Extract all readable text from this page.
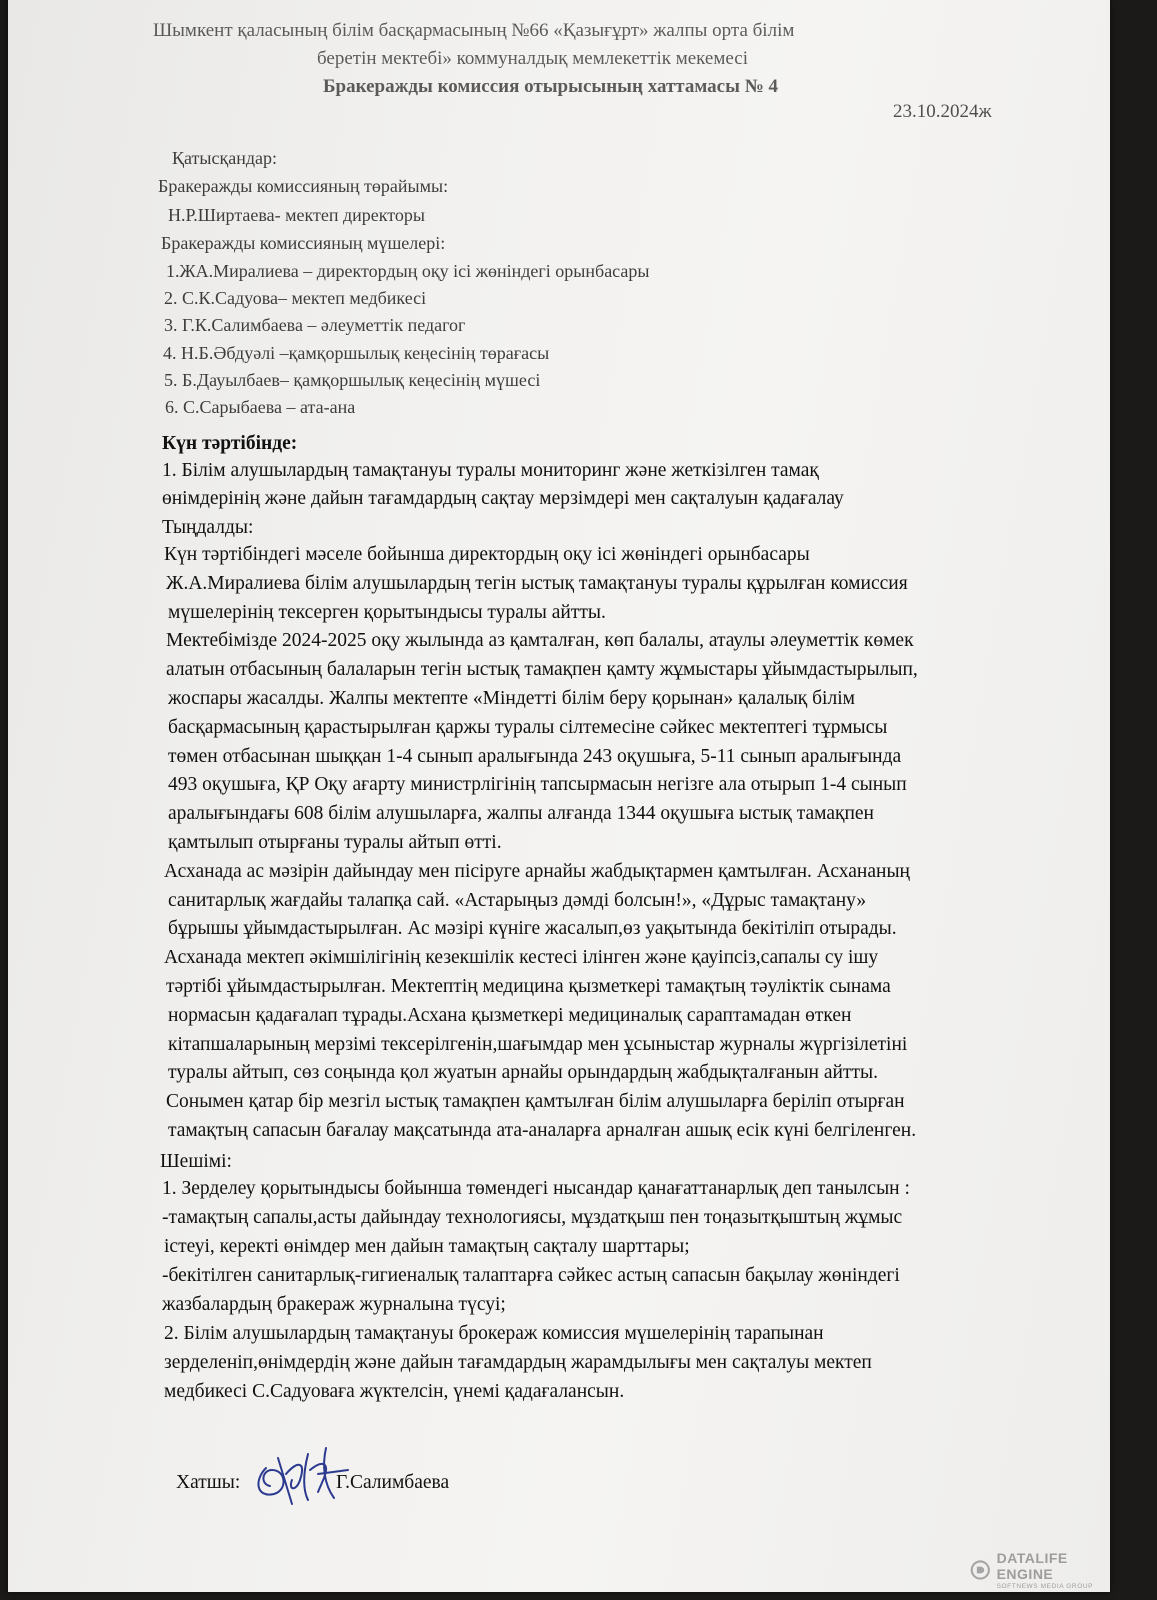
Шымкент қаласының білім басқармасының №66 «Қазығұрт» жалпы орта білім
беретін мектебі» коммуналдық мемлекеттік мекемесі
Бракеражды комиссия отырысының хаттамасы № 4
23.10.2024ж
Қатысқандар:
Бракеражды комиссияның төрайымы:
Н.Р.Ширтаева- мектеп директоры
Бракеражды комиссияның мүшелері:
1.ЖА.Миралиева – директордың оқу ісі жөніндегі орынбасары
2. С.К.Садуова– мектеп медбикесі
3. Г.К.Салимбаева – әлеуметтік педагог
4. Н.Б.Әбдуәлі –қамқоршылық кеңесінің төрағасы
5. Б.Дауылбаев– қамқоршылық кеңесінің мүшесі
6. С.Сарыбаева – ата-ана
Күн тәртібінде:
1. Білім алушылардың тамақтануы туралы мониторинг және жеткізілген тамақ
өнімдерінің және дайын тағамдардың сақтау мерзімдері мен сақталуын қадағалау
Тыңдалды:
Күн тәртібіндегі мәселе бойынша директордың оқу ісі жөніндегі орынбасары
Ж.А.Миралиева білім алушылардың тегін ыстық тамақтануы туралы құрылған комиссия
мүшелерінің тексерген қорытындысы туралы айтты.
Мектебімізде 2024-2025 оқу жылында аз қамталған, көп балалы, атаулы әлеуметтік көмек
алатын отбасының балаларын тегін ыстық тамақпен қамту жұмыстары ұйымдастырылып,
жоспары жасалды. Жалпы мектепте «Міндетті білім беру қорынан» қалалық білім
басқармасының қарастырылған қаржы туралы сілтемесіне сәйкес мектептегі тұрмысы
төмен отбасынан шыққан 1-4 сынып аралығында 243 оқушыға, 5-11 сынып аралығында
493 оқушыға, ҚР Оқу ағарту министрлігінің тапсырмасын негізге ала отырып 1-4 сынып
аралығындағы 608 білім алушыларға, жалпы алғанда 1344 оқушыға ыстық тамақпен
қамтылып отырғаны туралы айтып өтті.
Асханада ас мәзірін дайындау мен пісіруге арнайы жабдықтармен қамтылған. Асхананың
санитарлық жағдайы талапқа сай. «Астарыңыз дәмді болсын!», «Дұрыс тамақтану»
бұрышы ұйымдастырылған. Ас мәзірі күнiге жасалып,өз уақытында бекітіліп отырады.
Асханада мектеп әкімшілігінің кезекшілік кестесі ілінген және қауіпсіз,сапалы су ішу
тәртібі ұйымдастырылған. Мектептің медицина қызметкері тамақтың тәуліктік сынама
нормасын қадағалап тұрады.Асхана қызметкері медициналық сараптамадан өткен
кітапшаларының мерзімі тексерілгенін,шағымдар мен ұсыныстар журналы жүргізілетіні
туралы айтып, сөз соңында қол жуатын арнайы орындардың жабдықталғанын айтты.
Сонымен қатар бір мезгіл ыстық тамақпен қамтылған білім алушыларға беріліп отырған
тамақтың сапасын бағалау мақсатында ата-аналарға арналған ашық есік күні белгіленген.
Шешімі:
1. Зерделеу қорытындысы бойынша төмендегі нысандар қанағаттанарлық деп танылсын :
-тамақтың сапалы,асты дайындау технологиясы, мұздатқыш пен тоңазытқыштың жұмыс
істеуі, керекті өнімдер мен дайын тамақтың сақталу шарттары;
-бекітілген санитарлық-гигиеналық талаптарға сәйкес астың сапасын бақылау жөніндегі
жазбалардың бракераж журналына түсуі;
2. Білім алушылардың тамақтануы брокераж комиссия мүшелерінің тарапынан
зерделеніп,өнімдердің және дайын тағамдардың жарамдылығы мен сақталуы мектеп
медбикесі С.Садуоваға жүктелсін, үнемі қадағалансын.
Хатшы:	Г.Салимбаева
DATALIFE ENGINE
SOFTNEWS MEDIA GROUP
